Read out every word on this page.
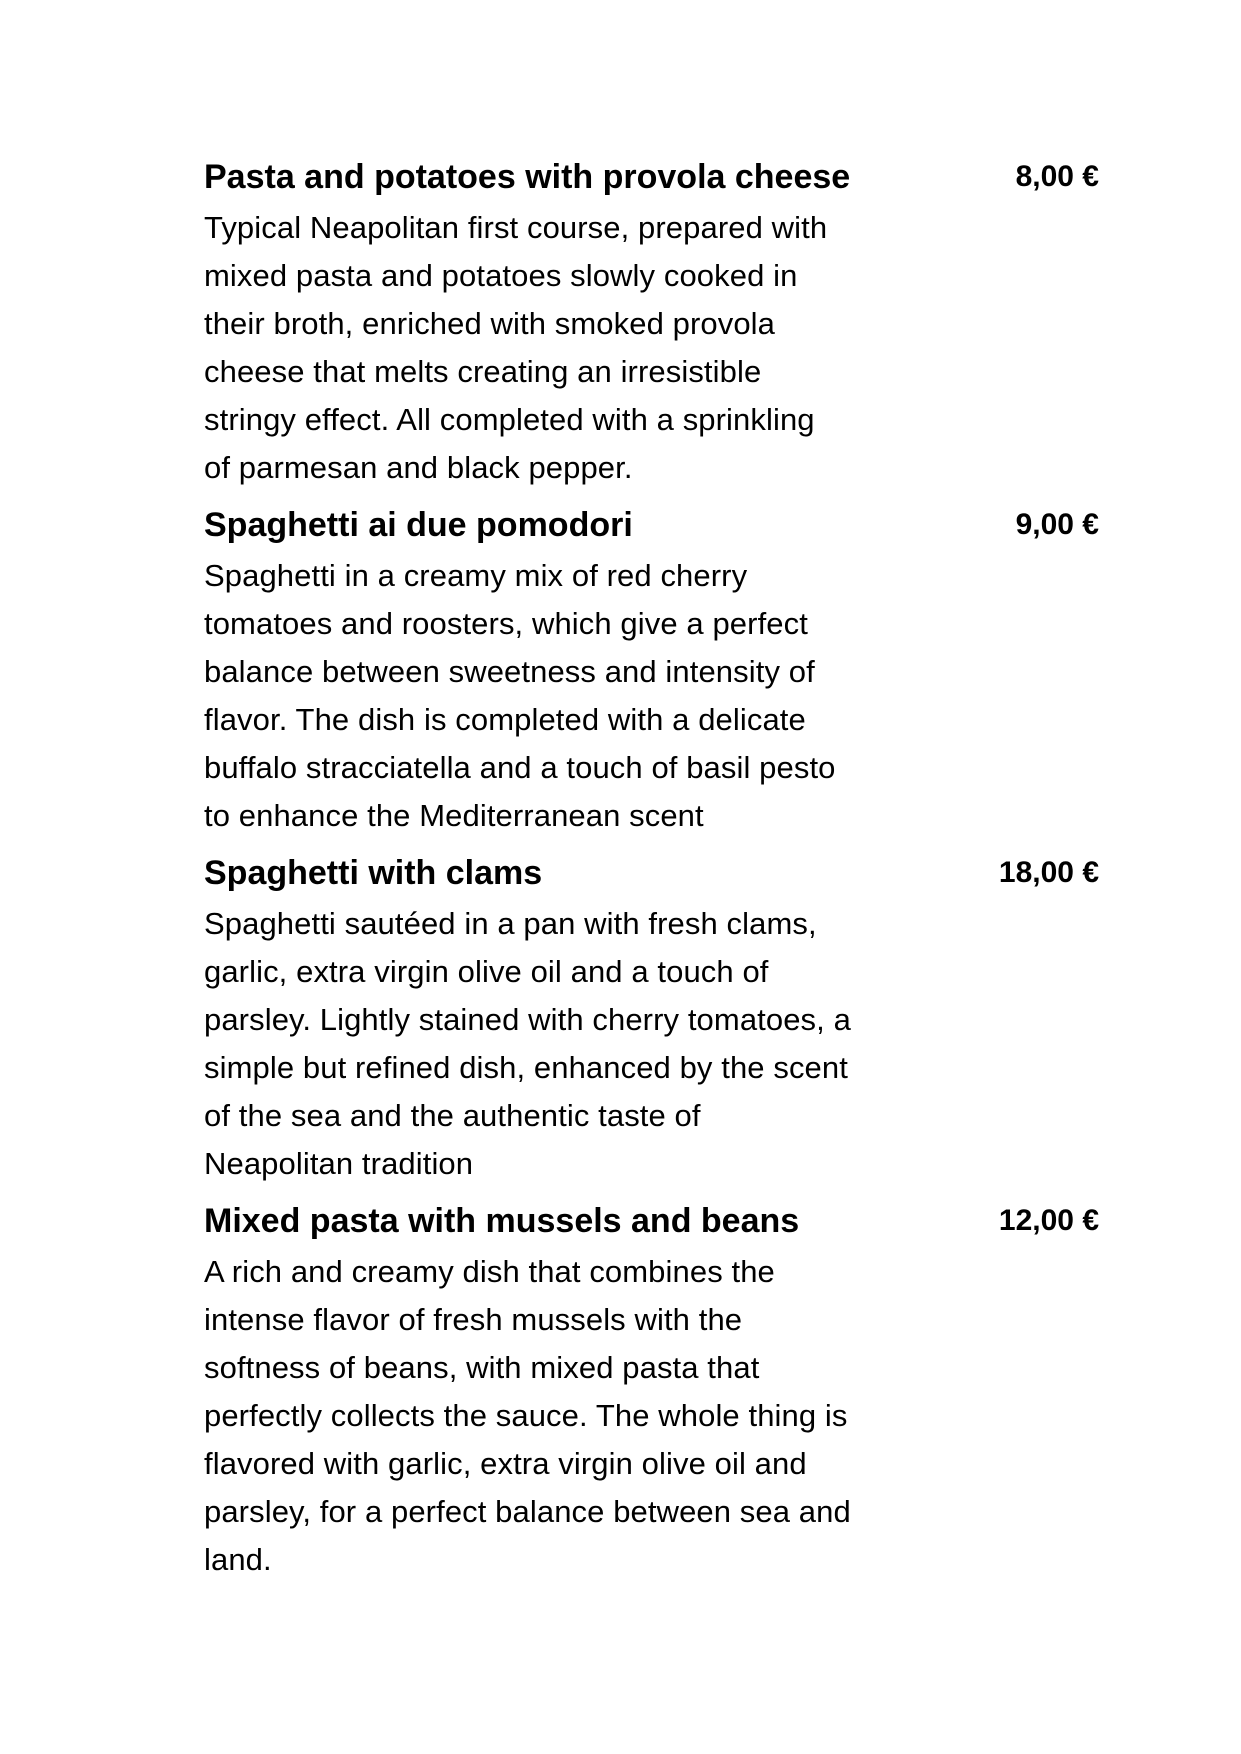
Pasta and potatoes with provola cheese	8,00 €
Typical Neapolitan first course, prepared with
mixed pasta and potatoes slowly cooked in
their broth, enriched with smoked provola
cheese that melts creating an irresistible
stringy effect. All completed with a sprinkling
of parmesan and black pepper.
Spaghetti ai due pomodori	9,00 €
Spaghetti in a creamy mix of red cherry
tomatoes and roosters, which give a perfect
balance between sweetness and intensity of
flavor. The dish is completed with a delicate
buffalo stracciatella and a touch of basil pesto
to enhance the Mediterranean scent
Spaghetti with clams	18,00 €
Spaghetti sautéed in a pan with fresh clams,
garlic, extra virgin olive oil and a touch of
parsley. Lightly stained with cherry tomatoes, a
simple but refined dish, enhanced by the scent
of the sea and the authentic taste of
Neapolitan tradition
Mixed pasta with mussels and beans	12,00 €
A rich and creamy dish that combines the
intense flavor of fresh mussels with the
softness of beans, with mixed pasta that
perfectly collects the sauce. The whole thing is
flavored with garlic, extra virgin olive oil and
parsley, for a perfect balance between sea and
land.
